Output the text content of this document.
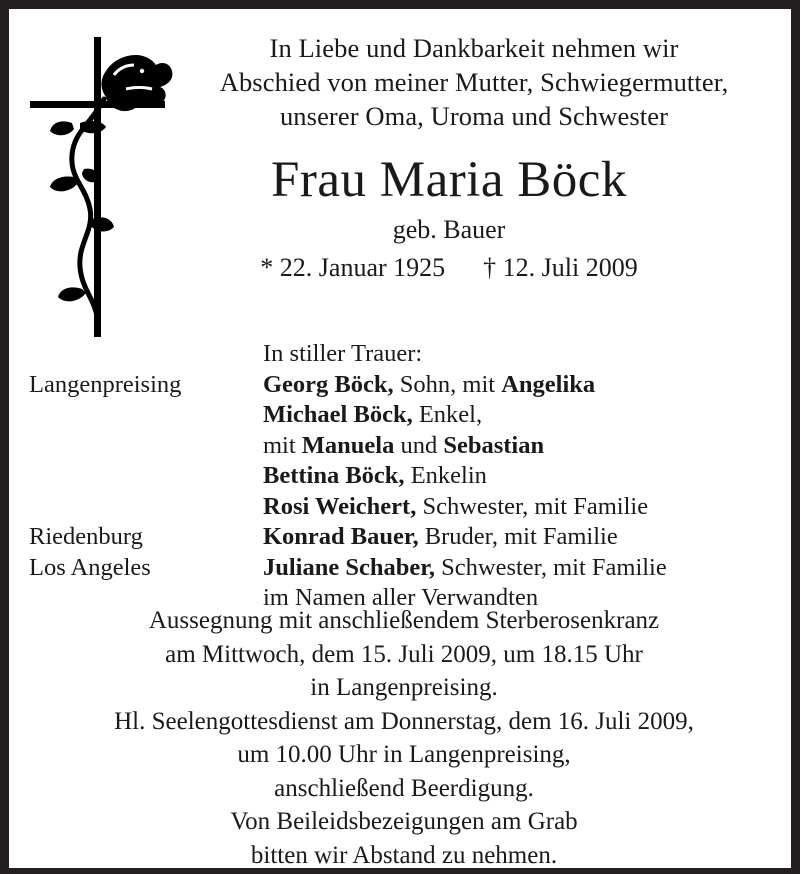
In Liebe und Dankbarkeit nehmen wir
Abschied von meiner Mutter, Schwiegermutter,
unserer Oma, Uroma und Schwester
Frau Maria Böck
geb. Bauer
* 22. Januar 1925 † 12. Juli 2009
	In stiller Trauer:
Langenpreising	Georg Böck, Sohn, mit Angelika
	Michael Böck, Enkel,
	mit Manuela und Sebastian
	Bettina Böck, Enkelin
	Rosi Weichert, Schwester, mit Familie
Riedenburg	Konrad Bauer, Bruder, mit Familie
Los Angeles	Juliane Schaber, Schwester, mit Familie
	im Namen aller Verwandten
Aussegnung mit anschließendem Sterberosenkranz
am Mittwoch, dem 15. Juli 2009, um 18.15 Uhr
in Langenpreising.
Hl. Seelengottesdienst am Donnerstag, dem 16. Juli 2009,
um 10.00 Uhr in Langenpreising,
anschließend Beerdigung.
Von Beileidsbezeigungen am Grab
bitten wir Abstand zu nehmen.
